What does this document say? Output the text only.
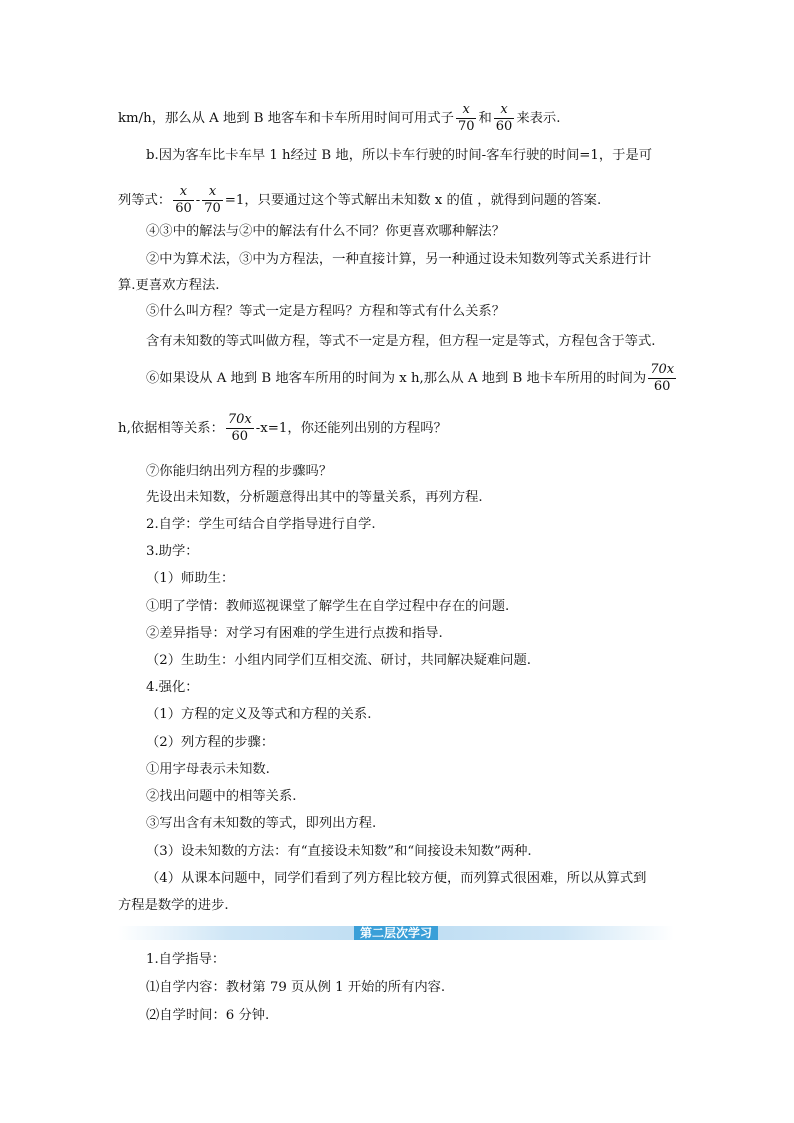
km/h，那么从 A 地到 B 地客车和卡车所用时间可用式子 $\frac{x}{70}$ 和 $\frac{x}{60}$ 来表示.
b.因为客车比卡车早 1 h经过 B 地，所以卡车行驶的时间-客车行驶的时间=1，于是可
列等式： $\frac{x}{60} - \frac{x}{70} =1$，只要通过这个等式解出未知数 x 的值 ，就得到问题的答案.
④③中的解法与②中的解法有什么不同？你更喜欢哪种解法？
②中为算术法，③中为方程法，一种直接计算，另一种通过设未知数列等式关系进行计
算.更喜欢方程法.
⑤什么叫方程？等式一定是方程吗？方程和等式有什么关系？
含有未知数的等式叫做方程，等式不一定是方程，但方程一定是等式，方程包含于等式.
⑥如果设从 A 地到 B 地客车所用的时间为 x h,那么从 A 地到 B 地卡车所用的时间为 $\frac{70x}{60}$
h,依据相等关系： $\frac{70x}{60} -x=1$，你还能列出别的方程吗？
⑦你能归纳出列方程的步骤吗？
先设出未知数，分析题意得出其中的等量关系，再列方程.
2.自学：学生可结合自学指导进行自学.
3.助学：
（1）师助生：
①明了学情：教师巡视课堂了解学生在自学过程中存在的问题.
②差异指导：对学习有困难的学生进行点拨和指导.
（2）生助生：小组内同学们互相交流、研讨，共同解决疑难问题.
4.强化：
（1）方程的定义及等式和方程的关系.
（2）列方程的步骤：
①用字母表示未知数.
②找出问题中的相等关系.
③写出含有未知数的等式，即列出方程.
（3）设未知数的方法：有“直接设未知数”和“间接设未知数”两种.
（4）从课本问题中，同学们看到了列方程比较方便，而列算式很困难，所以从算式到
方程是数学的进步.
第二层次学习
1.自学指导：
⑴自学内容：教材第 79 页从例 1 开始的所有内容.
⑵自学时间：6 分钟.
